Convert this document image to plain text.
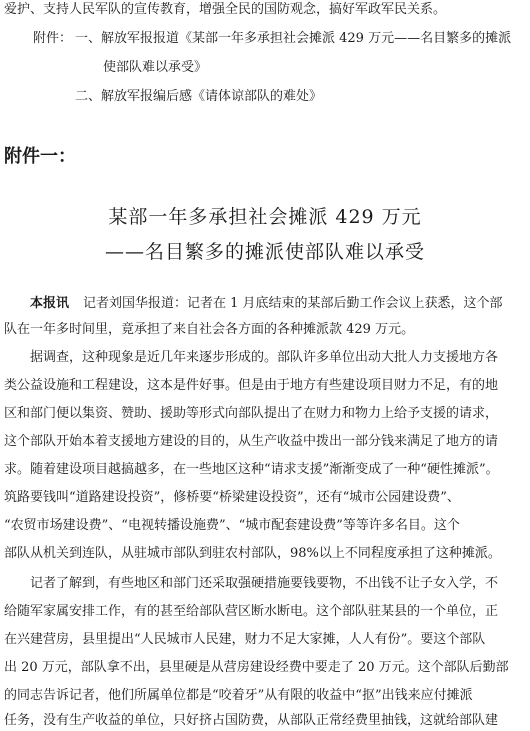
爱护、支持人民军队的宣传教育，增强全民的国防观念，搞好军政军民关系。
附件： 一、解放军报报道《某部一年多承担社会摊派 429 万元——名目繁多的摊派
使部队难以承受》
二、解放军报编后感《请体谅部队的难处》
附件一：
某部一年多承担社会摊派 429 万元
——名目繁多的摊派使部队难以承受
本报讯 记者刘国华报道：记者在 1 月底结束的某部后勤工作会议上获悉，这个部
队在一年多时间里，竟承担了来自社会各方面的各种摊派款 429 万元。
据调查，这种现象是近几年来逐步形成的。部队许多单位出动大批人力支援地方各
类公益设施和工程建设，这本是件好事。但是由于地方有些建设项目财力不足，有的地
区和部门便以集资、赞助、援助等形式向部队提出了在财力和物力上给予支援的请求，
这个部队开始本着支援地方建设的目的，从生产收益中拨出一部分钱来满足了地方的请
求。随着建设项目越搞越多，在一些地区这种“请求支援”渐渐变成了一种“硬性摊派”。
筑路要钱叫“道路建设投资”，修桥要“桥梁建设投资”，还有“城市公园建设费”、
“农贸市场建设费”、“电视转播设施费”、“城市配套建设费”等等许多名目。这个
部队从机关到连队，从驻城市部队到驻农村部队，98%以上不同程度承担了这种摊派。
记者了解到，有些地区和部门还采取强硬措施要钱要物，不出钱不让子女入学，不
给随军家属安排工作，有的甚至给部队营区断水断电。这个部队驻某县的一个单位，正
在兴建营房，县里提出“人民城市人民建，财力不足大家摊，人人有份”。要这个部队
出 20 万元，部队拿不出，县里硬是从营房建设经费中要走了 20 万元。这个部队后勤部
的同志告诉记者，他们所属单位都是“咬着牙”从有限的收益中“抠”出钱来应付摊派
任务，没有生产收益的单位，只好挤占国防费，从部队正常经费里抽钱，这就给部队建
